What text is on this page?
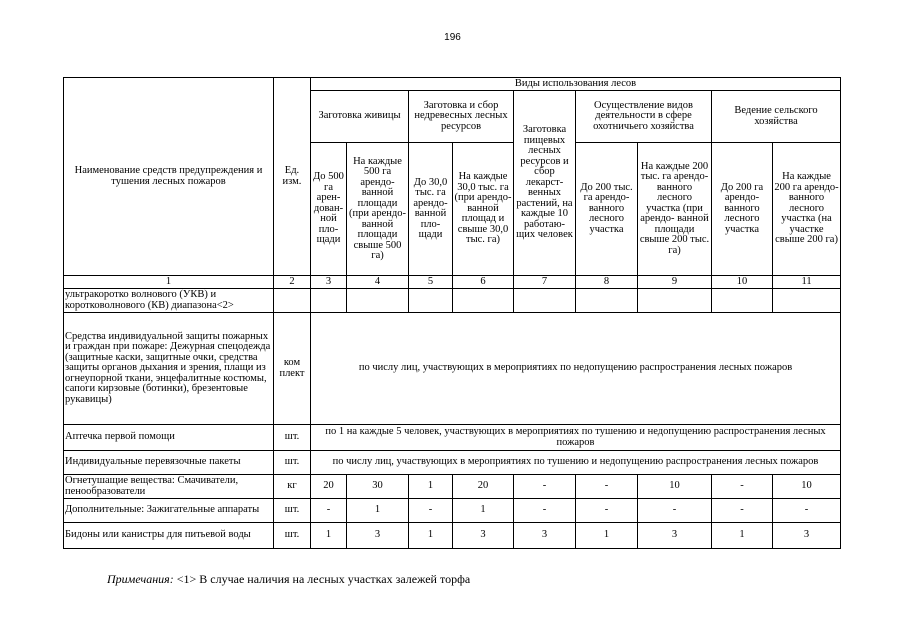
196
Наименование средств предупреждения и тушения лесных пожаров	Ед. изм.	Виды использования лесов								
		Заготовка живицы		Заготовка и сбор недревесных лесных ресурсов		Заготовка пищевых лесных ресурсов и сбор лекарст- венных растений, на каждые 10 работаю- щих человек	Осуществление видов деятельности в сфере охотничьего хозяйства		Ведение сельского хозяйства	
		До 500 га арен- дован- ной пло- щади	На каждые 500 га арендо- ванной площади (при арендо- ванной площади свыше 500 га)	До 30,0 тыс. га арендо- ванной пло- щади	На каждые 30,0 тыс. га (при арендо- ванной площад и свыше 30,0 тыс. га)		До 200 тыс. га арендо- ванного лесного участка	На каждые 200 тыс. га арендо- ванного лесного участка (при арендо- ванной площади свыше 200 тыс. га)	До 200 га арендо- ванного лесного участка	На каждые 200 га арендо- ванного лесного участка (на участке свыше 200 га)
1	2	3	4	5	6	7	8	9	10	11
ультракоротко волнового (УКВ) и коротковолнового (КВ) диапазона<2>										
Средства индивидуальной защиты пожарных и граждан при пожаре: Дежурная спецодежда (защитные каски, защитные очки, средства защиты органов дыхания и зрения, плащи из огнеупорной ткани, энцефалитные костюмы, сапоги кирзовые (ботинки), брезентовые рукавицы)	ком плект	по числу лиц, участвующих в мероприятиях по недопущению распространения лесных пожаров								
Аптечка первой помощи	шт.	по 1 на каждые 5 человек, участвующих в мероприятиях по тушению и недопущению распространения лесных пожаров								
Индивидуальные перевязочные пакеты	шт.	по числу лиц, участвующих в мероприятиях по тушению и недопущению распространения лесных пожаров								
Огнетушащие вещества: Смачиватели, пенообразователи	кг	20	30	1	20	-	-	10	-	10
Дополнительные: Зажигательные аппараты	шт.	-	1	-	1	-	-	-	-	-
Бидоны или канистры для питьевой воды	шт.	1	3	1	3	3	1	3	1	3
Примечания: <1> В случае наличия на лесных участках залежей торфа
